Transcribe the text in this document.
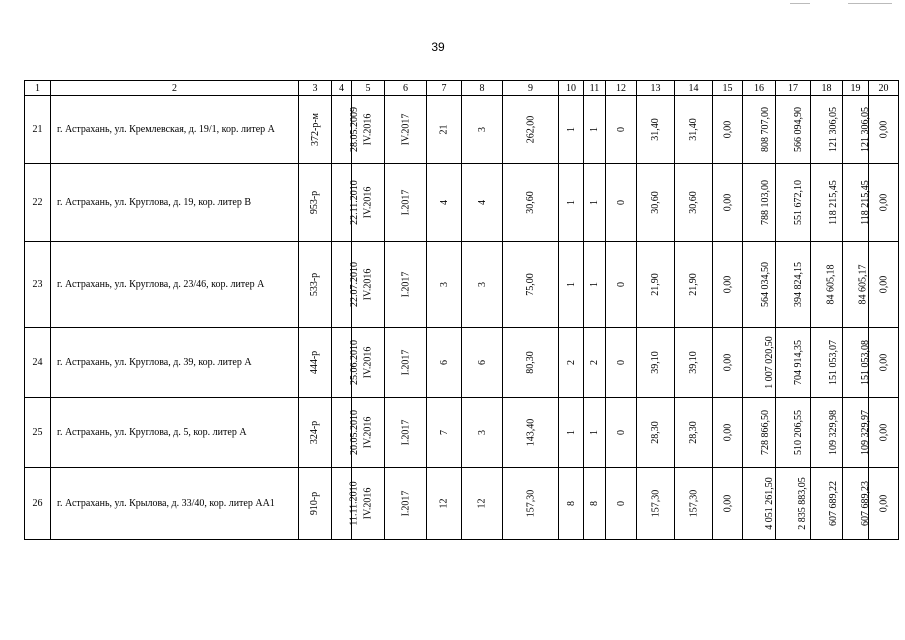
39
1	2	3	4	5	6	7	8	9	10	11	12	13	14	15	16	17	18	19	20
21	г. Астрахань, ул. Кремлевская, д. 19/1, кор. литер А	372-р-м	28.05.2009	IV.2016	IV.2017	21	3	262,00	1	1	0	31,40	31,40	0,00	808 707,00	566 094,90	121 306,05	121 306,05	0,00
22	г. Астрахань, ул. Круглова, д. 19, кор. литер В	953-р	22.11.2010	IV.2016	I.2017	4	4	30,60	1	1	0	30,60	30,60	0,00	788 103,00	551 672,10	118 215,45	118 215,45	0,00
23	г. Астрахань, ул. Круглова, д. 23/46, кор. литер А	533-р	22.07.2010	IV.2016	I.2017	3	3	75,00	1	1	0	21,90	21,90	0,00	564 034,50	394 824,15	84 605,18	84 605,17	0,00
24	г. Астрахань, ул. Круглова, д. 39, кор. литер А	444-р	25.06.2010	IV.2016	I.2017	6	6	80,30	2	2	0	39,10	39,10	0,00	1 007 020,50	704 914,35	151 053,07	151 053,08	0,00
25	г. Астрахань, ул. Круглова, д. 5, кор. литер А	324-р	20.05.2010	IV.2016	I.2017	7	3	143,40	1	1	0	28,30	28,30	0,00	728 866,50	510 206,55	109 329,98	109 329,97	0,00
26	г. Астрахань, ул. Крылова, д. 33/40, кор. литер АА1	910-р	11.11.2010	IV.2016	I.2017	12	12	157,30	8	8	0	157,30	157,30	0,00	4 051 261,50	2 835 883,05	607 689,22	607 689,23	0,00
